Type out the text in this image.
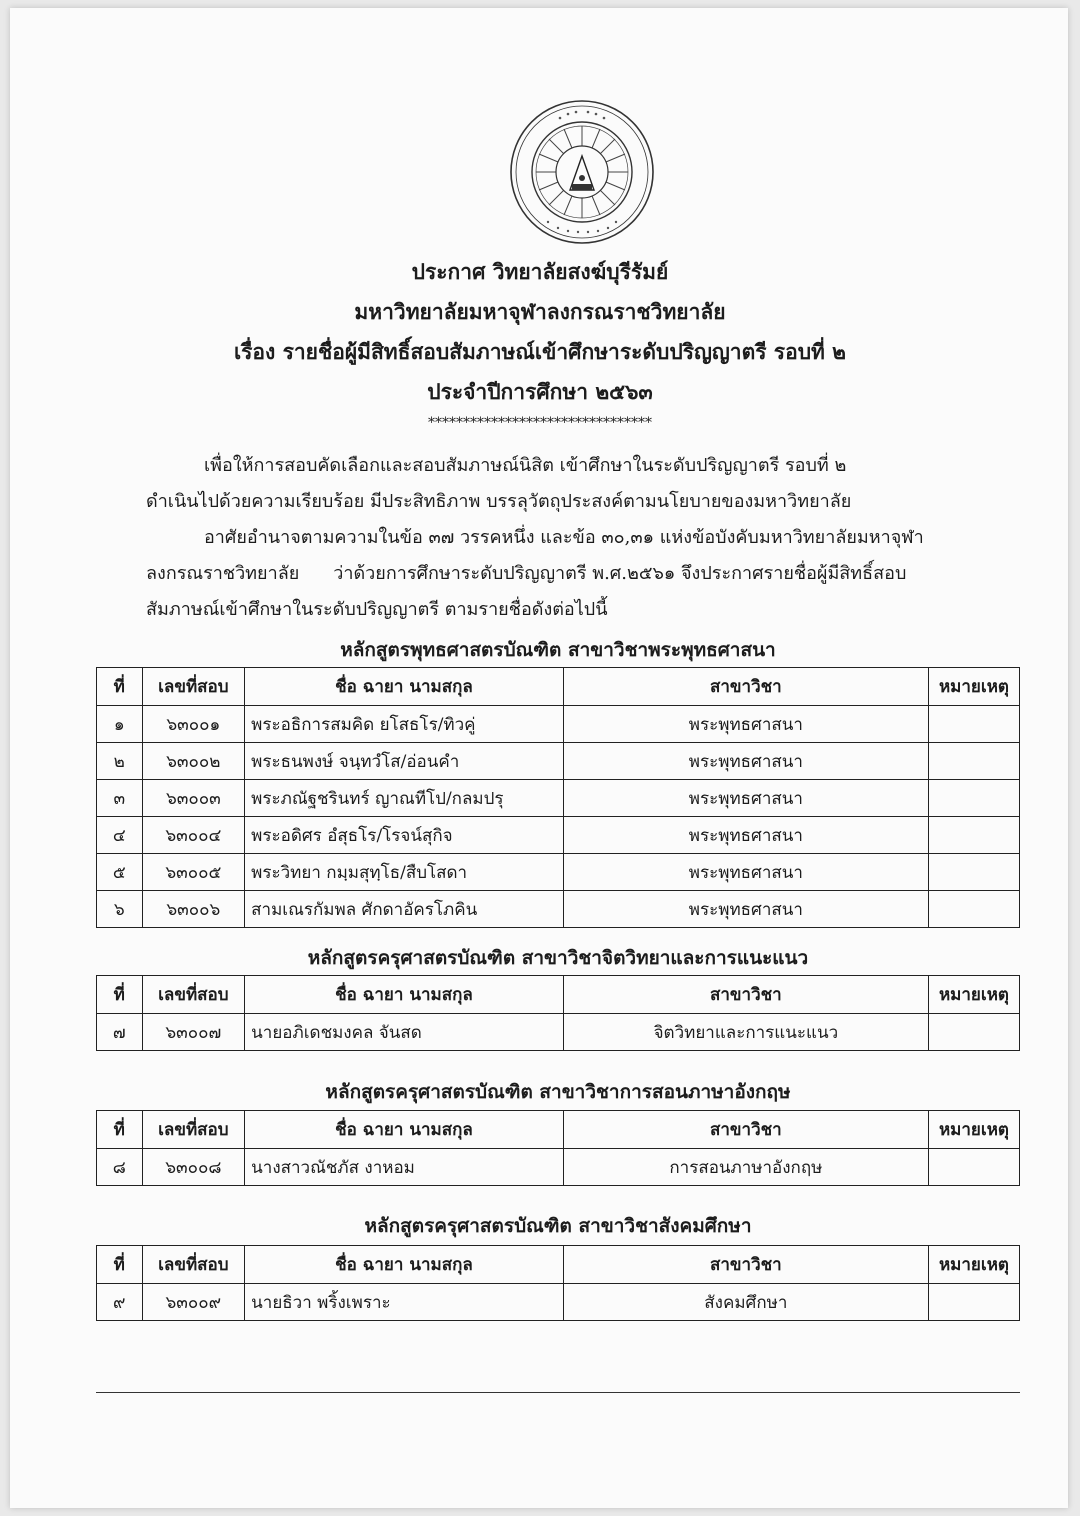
ประกาศ วิทยาลัยสงฆ์บุรีรัมย์
มหาวิทยาลัยมหาจุฬาลงกรณราชวิทยาลัย
เรื่อง รายชื่อผู้มีสิทธิ์สอบสัมภาษณ์เข้าศึกษาระดับปริญญาตรี รอบที่ ๒
ประจำปีการศึกษา ๒๕๖๓
********************************
เพื่อให้การสอบคัดเลือกและสอบสัมภาษณ์นิสิต เข้าศึกษาในระดับปริญญาตรี รอบที่ ๒
ดำเนินไปด้วยความเรียบร้อย มีประสิทธิภาพ บรรลุวัตถุประสงค์ตามนโยบายของมหาวิทยาลัย
อาศัยอำนาจตามความในข้อ ๓๗ วรรคหนึ่ง และข้อ ๓๐,๓๑ แห่งข้อบังคับมหาวิทยาลัยมหาจุฬา
ลงกรณราชวิทยาลัย ว่าด้วยการศึกษาระดับปริญญาตรี พ.ศ.๒๕๖๑ จึงประกาศรายชื่อผู้มีสิทธิ์สอบ
สัมภาษณ์เข้าศึกษาในระดับปริญญาตรี ตามรายชื่อดังต่อไปนี้
หลักสูตรพุทธศาสตรบัณฑิต สาขาวิชาพระพุทธศาสนา
ที่	เลขที่สอบ	ชื่อ ฉายา นามสกุล	สาขาวิชา	หมายเหตุ
๑	๖๓๐๐๑	พระอธิการสมคิด ยโสธโร/ทิวคู่	พระพุทธศาสนา	
๒	๖๓๐๐๒	พระธนพงษ์ จนฺทวํโส/อ่อนคำ	พระพุทธศาสนา	
๓	๖๓๐๐๓	พระภณัฐชรินทร์ ญาณทีโป/กลมปรุ	พระพุทธศาสนา	
๔	๖๓๐๐๔	พระอดิศร อํสุธโร/โรจน์สุกิจ	พระพุทธศาสนา	
๕	๖๓๐๐๕	พระวิทยา กมฺมสุทฺโธ/สืบโสดา	พระพุทธศาสนา	
๖	๖๓๐๐๖	สามเณรกัมพล ศักดาอัครโภคิน	พระพุทธศาสนา	
หลักสูตรครุศาสตรบัณฑิต สาขาวิชาจิตวิทยาและการแนะแนว
ที่	เลขที่สอบ	ชื่อ ฉายา นามสกุล	สาขาวิชา	หมายเหตุ
๗	๖๓๐๐๗	นายอภิเดชมงคล จันสด	จิตวิทยาและการแนะแนว	
หลักสูตรครุศาสตรบัณฑิต สาขาวิชาการสอนภาษาอังกฤษ
ที่	เลขที่สอบ	ชื่อ ฉายา นามสกุล	สาขาวิชา	หมายเหตุ
๘	๖๓๐๐๘	นางสาวณัชภัส งาหอม	การสอนภาษาอังกฤษ	
หลักสูตรครุศาสตรบัณฑิต สาขาวิชาสังคมศึกษา
ที่	เลขที่สอบ	ชื่อ ฉายา นามสกุล	สาขาวิชา	หมายเหตุ
๙	๖๓๐๐๙	นายธิวา พริ้งเพราะ	สังคมศึกษา	
